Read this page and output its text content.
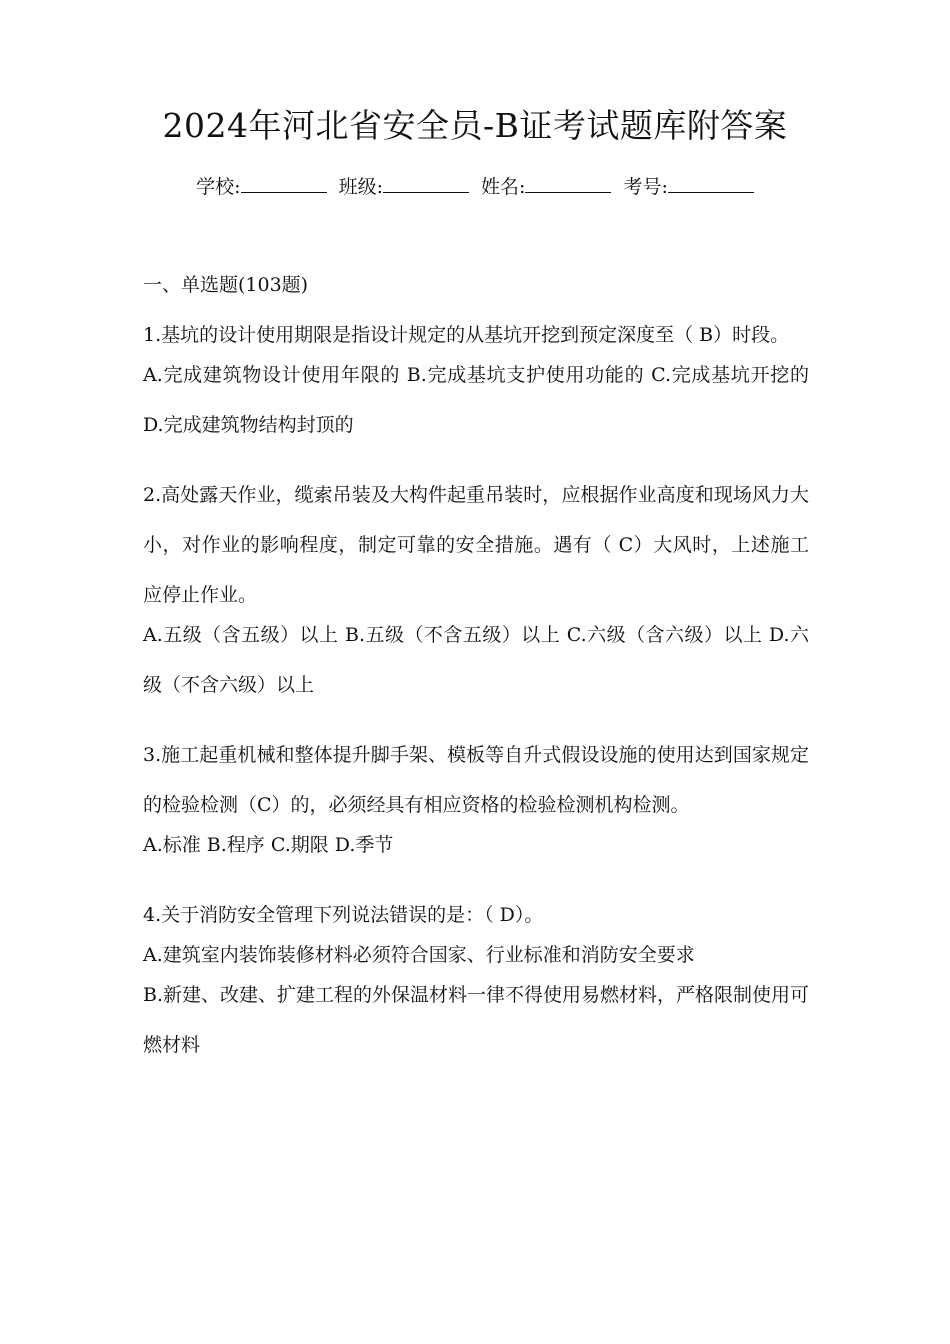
2024年河北省安全员-B证考试题库附答案
学校:	班级:	姓名:	考号:
一、单选题(103题)

1.基坑的设计使用期限是指设计规定的从基坑开挖到预定深度至（ B）时段。

A.完成建筑物设计使用年限的 B.完成基坑支护使用功能的 C.完成基坑开挖的 D.完成建筑物结构封顶的

2.高处露天作业，缆索吊装及大构件起重吊装时，应根据作业高度和现场风力大小，对作业的影响程度，制定可靠的安全措施。遇有（ C）大风时，上述施工应停止作业。

A.五级（含五级）以上 B.五级（不含五级）以上 C.六级（含六级）以上 D.六级（不含六级）以上

3.施工起重机械和整体提升脚手架、模板等自升式假设设施的使用达到国家规定的检验检测（C）的，必须经具有相应资格的检验检测机构检测。

A.标准 B.程序 C.期限 D.季节

4.关于消防安全管理下列说法错误的是：（ D）。

A.建筑室内装饰装修材料必须符合国家、行业标准和消防安全要求

B.新建、改建、扩建工程的外保温材料一律不得使用易燃材料，严格限制使用可燃材料
